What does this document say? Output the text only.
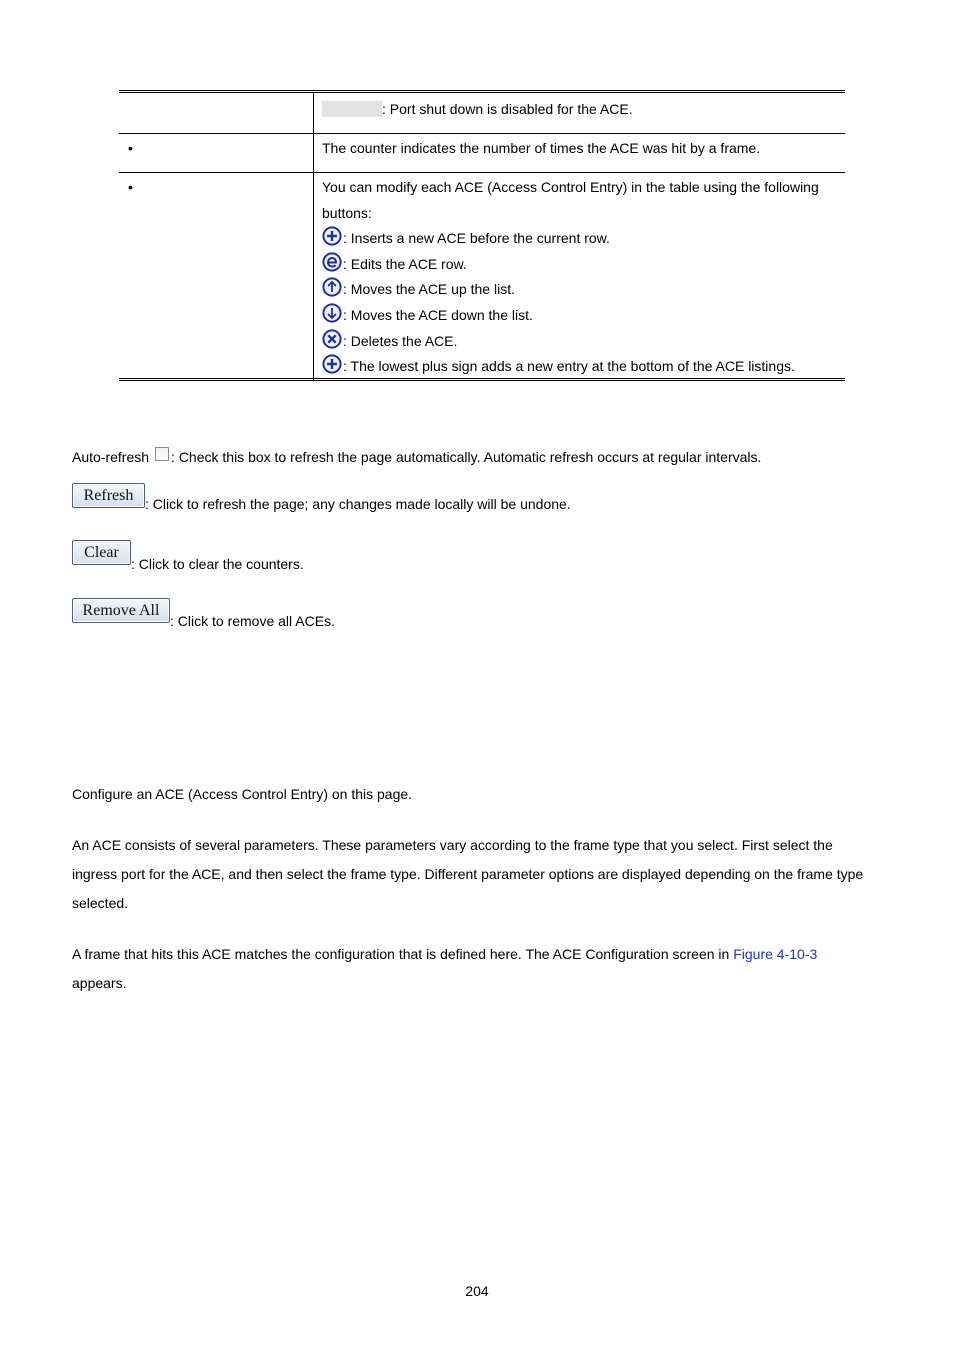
: Port shut down is disabled for the ACE.
•	The counter indicates the number of times the ACE was hit by a frame.
•	You can modify each ACE (Access Control Entry) in the table using the following
buttons:
: Inserts a new ACE before the current row.
: Edits the ACE row.
: Moves the ACE up the list.
: Moves the ACE down the list.
: Deletes the ACE.
: The lowest plus sign adds a new entry at the bottom of the ACE listings.
Auto-refresh : Check this box to refresh the page automatically. Automatic refresh occurs at regular intervals.
Refresh : Click to refresh the page; any changes made locally will be undone.
Clear
: Click to clear the counters.
Remove All
: Click to remove all ACEs.
Configure an ACE (Access Control Entry) on this page.
An ACE consists of several parameters. These parameters vary according to the frame type that you select. First select the
ingress port for the ACE, and then select the frame type. Different parameter options are displayed depending on the frame type
selected.
A frame that hits this ACE matches the configuration that is defined here. The ACE Configuration screen in Figure 4-10-3
appears.
204
